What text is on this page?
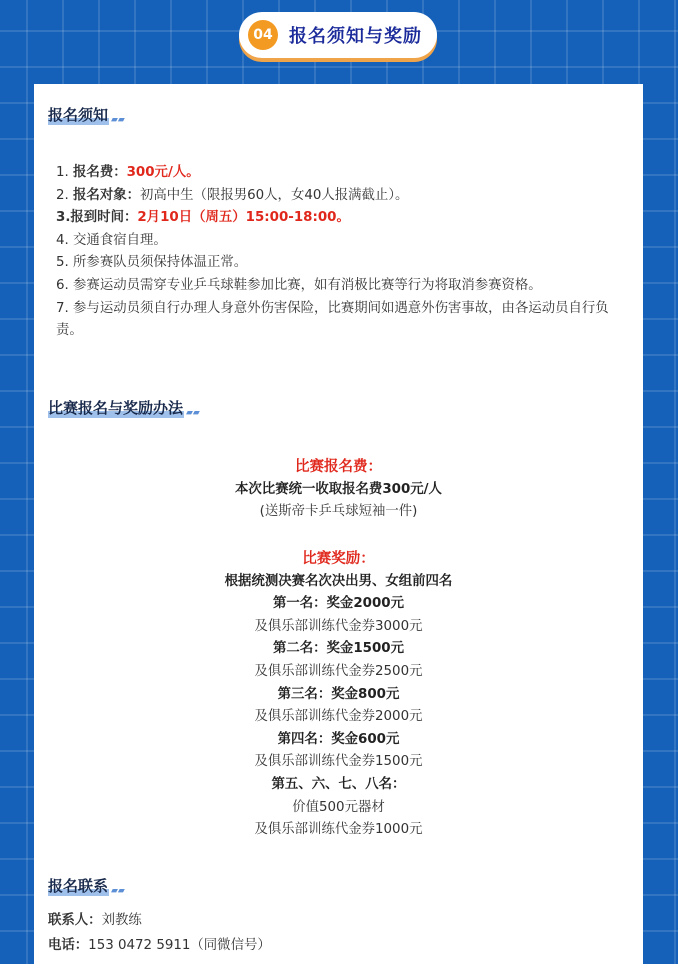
04 报名须知与奖励
报名须知 ▰▰
1. 报名费：300元/人。
2. 报名对象：初高中生（限报男60人，女40人报满截止）。
3.报到时间：2月10日（周五）15:00-18:00。
4. 交通食宿自理。
5. 所参赛队员须保持体温正常。
6. 参赛运动员需穿专业乒乓球鞋参加比赛，如有消极比赛等行为将取消参赛资格。
7. 参与运动员须自行办理人身意外伤害保险，比赛期间如遇意外伤害事故，由各运动员自行负责。
比赛报名与奖励办法 ▰▰
比赛报名费：
本次比赛统一收取报名费300元/人
(送斯帝卡乒乓球短袖一件)
比赛奖励：
根据统测决赛名次决出男、女组前四名
第一名：奖金2000元
及俱乐部训练代金券3000元
第二名：奖金1500元
及俱乐部训练代金券2500元
第三名：奖金800元
及俱乐部训练代金券2000元
第四名：奖金600元
及俱乐部训练代金券1500元
第五、六、七、八名：
价值500元器材
及俱乐部训练代金券1000元
报名联系 ▰▰
联系人：刘教练
电话：153 0472 5911（同微信号）
